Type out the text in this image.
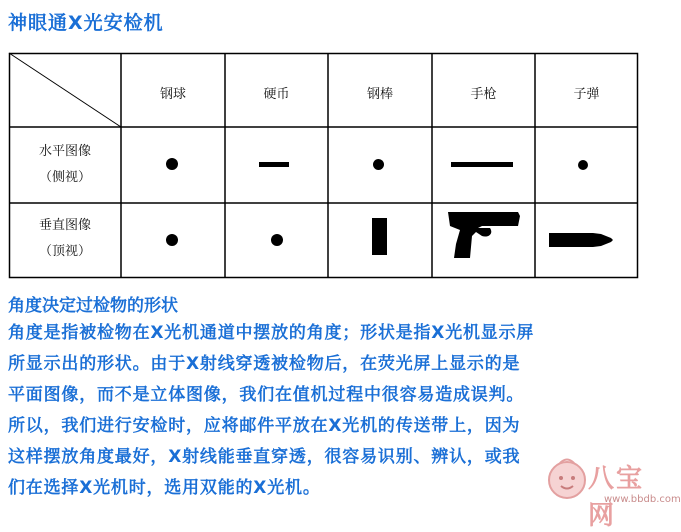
神眼通X光安检机
钢球	硬币	钢棒	手枪	子弹
水平图像
（侧视）
垂直图像
（顶视）
角度决定过检物的形状
角度是指被检物在X光机通道中摆放的角度；形状是指X光机显示屏
所显示出的形状。由于X射线穿透被检物后，在荧光屏上显示的是
平面图像，而不是立体图像，我们在值机过程中很容易造成误判。
所以，我们进行安检时，应将邮件平放在X光机的传送带上，因为
这样摆放角度最好，X射线能垂直穿透，很容易识别、辨认，或我
们在选择X光机时，选用双能的X光机。	八宝网
www.bbdb.com
